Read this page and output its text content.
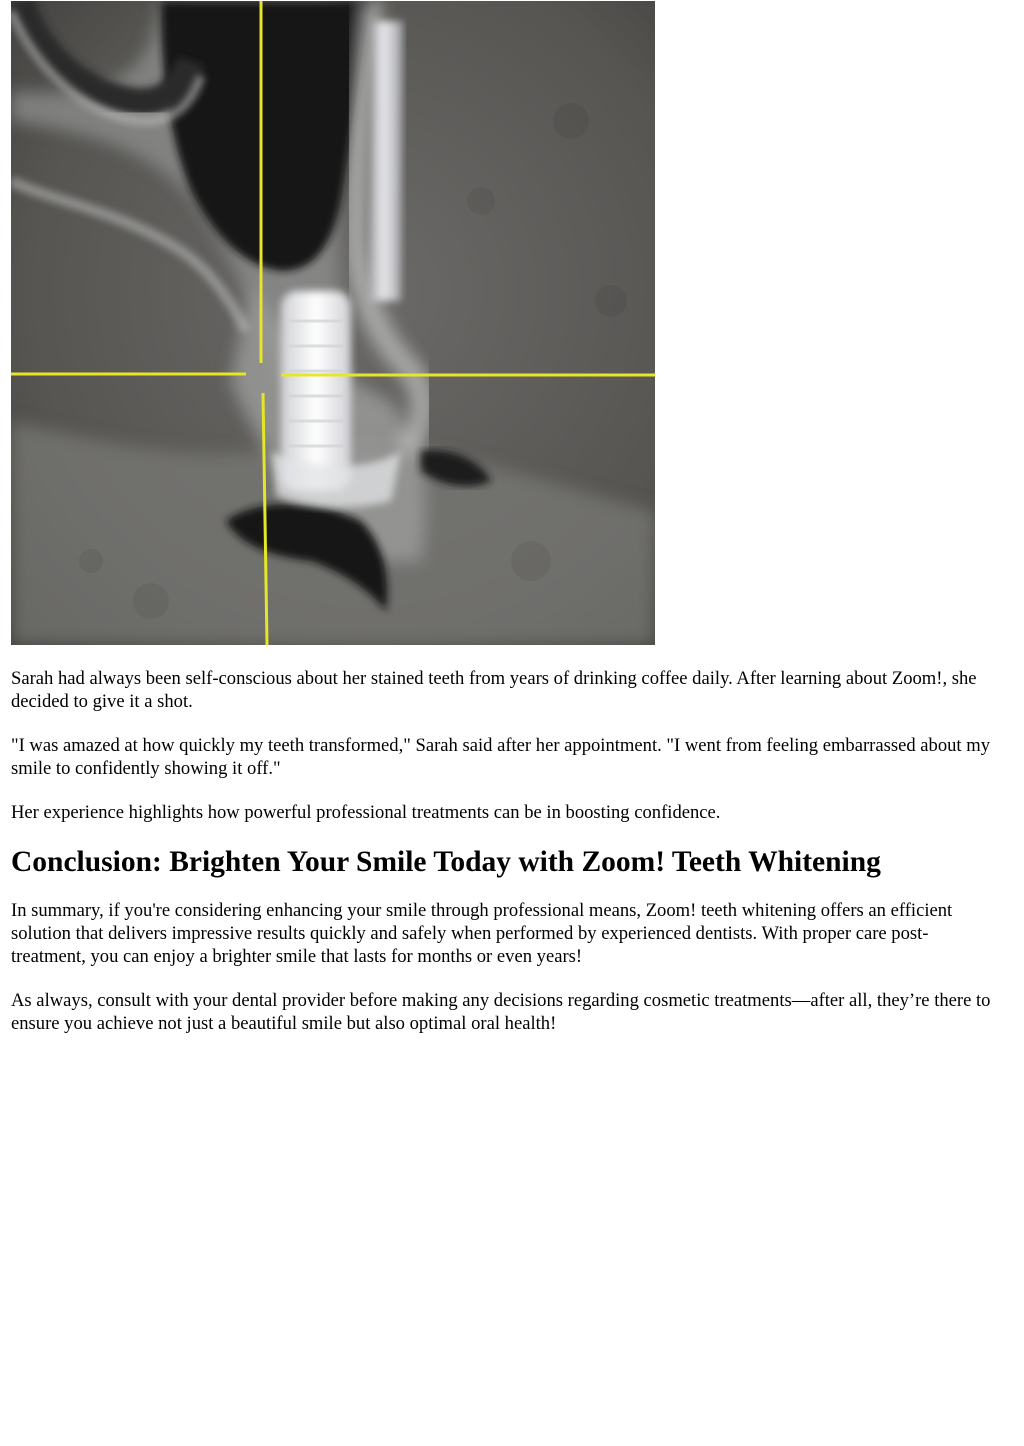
Sarah had always been self-conscious about her stained teeth from years of drinking coffee daily. After learning about Zoom!, she decided to give it a shot.

"I was amazed at how quickly my teeth transformed," Sarah said after her appointment. "I went from feeling embarrassed about my smile to confidently showing it off."

Her experience highlights how powerful professional treatments can be in boosting confidence.

Conclusion: Brighten Your Smile Today with Zoom! Teeth Whitening

In summary, if you're considering enhancing your smile through professional means, Zoom! teeth whitening offers an efficient solution that delivers impressive results quickly and safely when performed by experienced dentists. With proper care post-treatment, you can enjoy a brighter smile that lasts for months or even years!

As always, consult with your dental provider before making any decisions regarding cosmetic treatments—after all, they’re there to ensure you achieve not just a beautiful smile but also optimal oral health!
